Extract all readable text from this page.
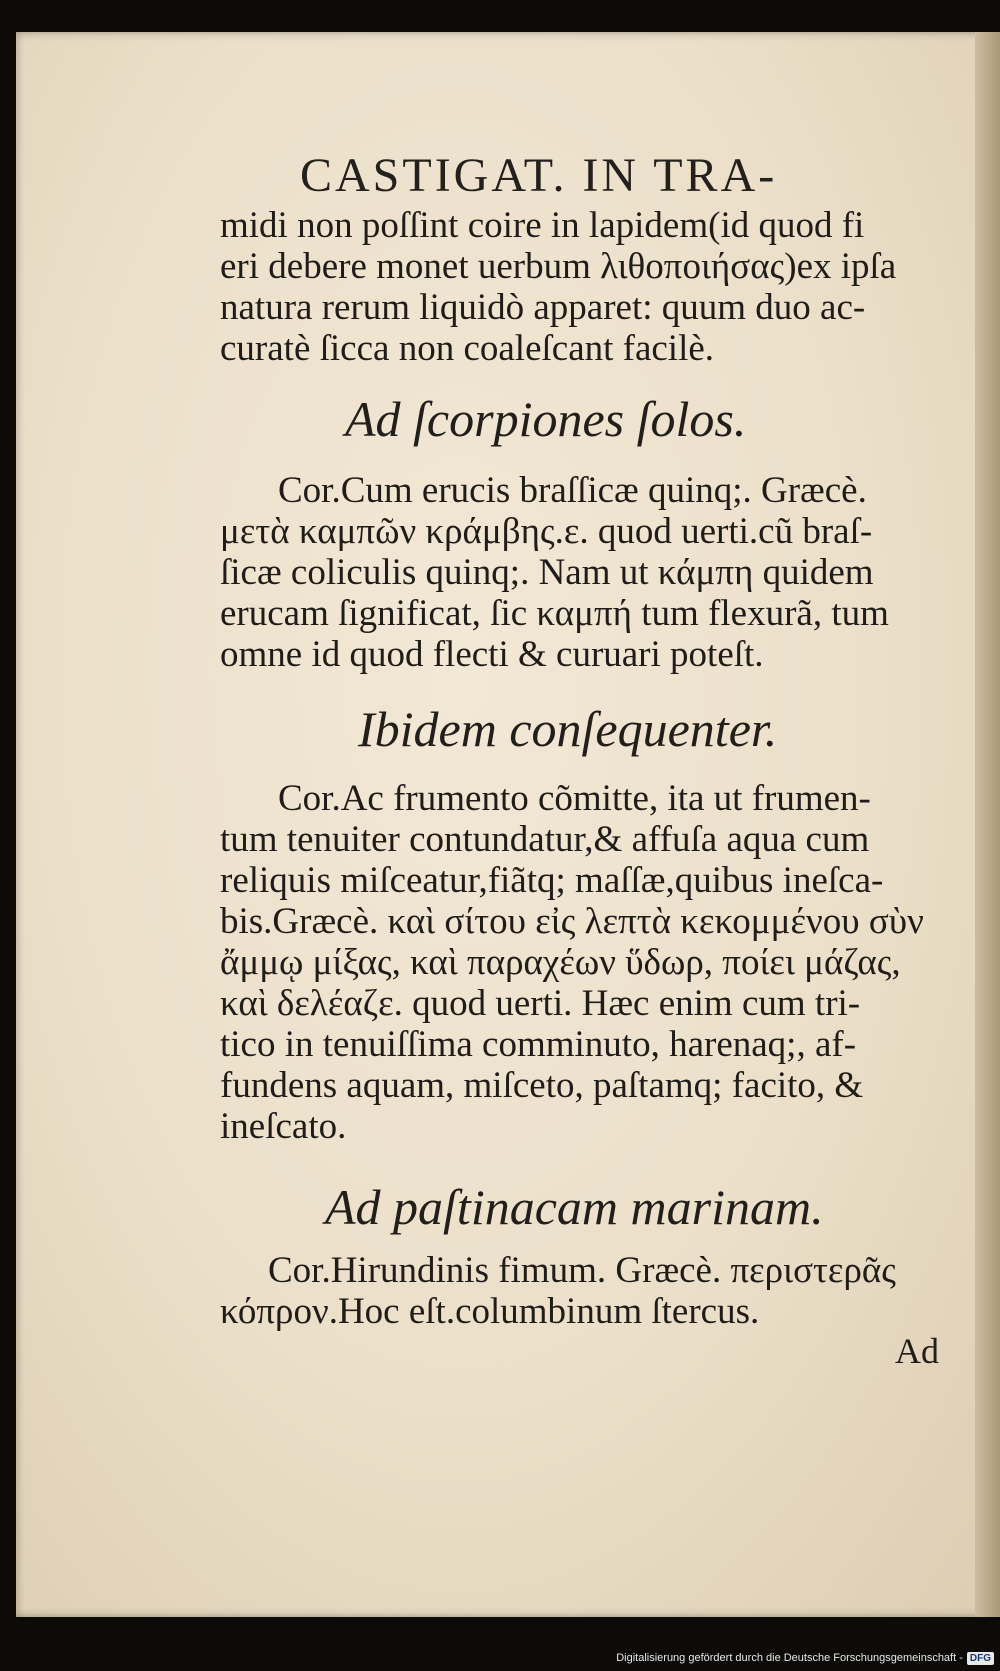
CASTIGAT. IN TRA-
midi non poſſint coire in lapidem(id quod fi
eri debere monet uerbum λιθοποιήσας)ex ipſa
natura rerum liquidò apparet: quum duo ac-
curatè ſicca non coaleſcant facilè.
Ad ſcorpiones ſolos.
Cor.Cum erucis braſſicæ quinq;. Græcè.
μετὰ καμπῶν κράμβης.ε. quod uerti.cũ braſ-
ſicæ coliculis quinq;. Nam ut κάμπη quidem
erucam ſignificat, ſic καμπή tum flexurã, tum
omne id quod flecti & curuari poteſt.
Ibidem conſequenter.
Cor.Ac frumento cõmitte, ita ut frumen-
tum tenuiter contundatur,& affuſa aqua cum
reliquis miſceatur,fiãtq; maſſæ,quibus ineſca-
bis.Græcè. καὶ σίτου εἰς λεπτὰ κεκομμένου σὺν
ἄμμῳ μίξας, καὶ παραχέων ὕδωρ, ποίει μάζας,
καὶ δελέαζε. quod uerti. Hæc enim cum tri-
tico in tenuiſſima comminuto, harenaq;, af-
fundens aquam, miſceto, paſtamq; facito, &
ineſcato.
Ad paſtinacam marinam.
Cor.Hirundinis fimum. Græcè. περιστερᾶς
κόπρον.Hoc eſt.columbinum ſtercus.
Ad
Digitalisierung gefördert durch die Deutsche Forschungsgemeinschaft - DFG
